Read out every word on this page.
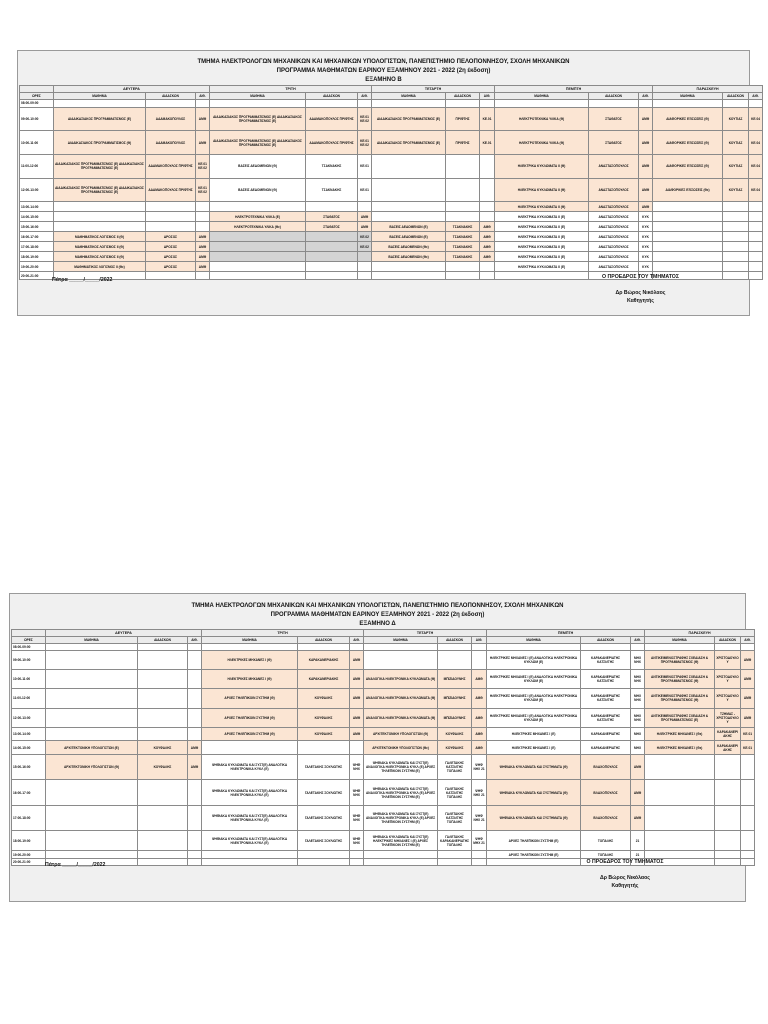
ΤΜΗΜΑ ΗΛΕΚΤΡΟΛΟΓΩΝ ΜΗΧΑΝΙΚΩΝ ΚΑΙ ΜΗΧΑΝΙΚΩΝ ΥΠΟΛΟΓΙΣΤΩΝ, ΠΑΝΕΠΙΣΤΗΜΙΟ ΠΕΛΟΠΟΝΝΗΣΟΥ, ΣΧΟΛΗ ΜΗΧΑΝΙΚΩΝ
ΠΡΟΓΡΑΜΜΑ ΜΑΘΗΜΑΤΩΝ ΕΑΡΙΝΟΥ ΕΞΑΜΗΝΟΥ 2021 - 2022 (2η έκδοση)
ΕΞΑΜΗΝΟ Β
	ΔΕΥΤΕΡΑ			ΤΡΙΤΗ			ΤΕΤΑΡΤΗ			ΠΕΜΠΤΗ			ΠΑΡΑΣΚΕΥΗ		
ΩΡΕΣ	ΜΑΘΗΜΑ	ΔΙΔΑΣΚΩΝ	ΑΙΘ.	ΜΑΘΗΜΑ	ΔΙΔΑΣΚΩΝ	ΑΙΘ.	ΜΑΘΗΜΑ	ΔΙΔΑΣΚΩΝ	ΑΙΘ.	ΜΑΘΗΜΑ	ΔΙΔΑΣΚΩΝ	ΑΙΘ.	ΜΑΘΗΜΑ	ΔΙΔΑΣΚΩΝ	ΑΙΘ.
08:00-09:00															
09:00-10:00	ΔΙΑΔΙΚΑΣΙΑΚΟΣ ΠΡΟΓΡΑΜΜΑΤΙΣΜΟΣ (Ε)	ΑΔΑΜΑΚΟΠΟΥΛΟΣ	ΑΜΘ	ΔΙΑΔΙΚΑΣΙΑΚΟΣ ΠΡΟΓΡΑΜΜΑΤΙΣΜΟΣ (Ε) ΔΙΑΔΙΚΑΣΙΑΚΟΣ ΠΡΟΓΡΑΜΜΑΤΙΣΜΟΣ (Ε)	ΑΔΑΜΑΚΟΠΟΥΛΟΣ ΠΡΙΦΤΗΣ	ΚΕ.01 ΚΕ.02	ΔΙΑΔΙΚΑΣΙΑΚΟΣ ΠΡΟΓΡΑΜΜΑΤΙΣΜΟΣ (Ε)	ΠΡΙΦΤΗΣ	ΚΕ.01	ΗΛΕΚΤΡΟΤΕΧΝΙΚΑ ΥΛΙΚΑ (Θ)	ΣΤΑΘΑΤΟΣ	ΑΜΘ	ΔΙΑΦΟΡΙΚΕΣ ΕΞΙΣΩΣΕΙΣ (Θ)	ΚΟΥΤΙΑΣ	ΚΕ.04
10:00-11:00	ΔΙΑΔΙΚΑΣΙΑΚΟΣ ΠΡΟΓΡΑΜΜΑΤΙΣΜΟΣ (Θ)	ΑΔΑΜΑΚΟΠΟΥΛΟΣ	ΑΜΘ	ΔΙΑΔΙΚΑΣΙΑΚΟΣ ΠΡΟΓΡΑΜΜΑΤΙΣΜΟΣ (Ε) ΔΙΑΔΙΚΑΣΙΑΚΟΣ ΠΡΟΓΡΑΜΜΑΤΙΣΜΟΣ (Ε)	ΑΔΑΜΑΚΟΠΟΥΛΟΣ ΠΡΙΦΤΗΣ	ΚΕ.01 ΚΕ.02	ΔΙΑΔΙΚΑΣΙΑΚΟΣ ΠΡΟΓΡΑΜΜΑΤΙΣΜΟΣ (Ε)	ΠΡΙΦΤΗΣ	ΚΕ.01	ΗΛΕΚΤΡΟΤΕΧΝΙΚΑ ΥΛΙΚΑ (Θ)	ΣΤΑΘΑΤΟΣ	ΑΜΘ	ΔΙΑΦΟΡΙΚΕΣ ΕΞΙΣΩΣΕΙΣ (Θ)	ΚΟΥΤΙΑΣ	ΚΕ.04
11:00-12:00	ΔΙΑΔΙΚΑΣΙΑΚΟΣ ΠΡΟΓΡΑΜΜΑΤΙΣΜΟΣ (Ε) ΔΙΑΔΙΚΑΣΙΑΚΟΣ ΠΡΟΓΡΑΜΜΑΤΙΣΜΟΣ (Ε)	ΑΔΑΜΑΚΟΠΟΥΛΟΣ ΠΡΙΦΤΗΣ	ΚΕ.01 ΚΕ.02	ΒΑΣΕΙΣ ΔΕΔΟΜΕΝΩΝ (Θ)	ΤΣΑΚΝΑΚΗΣ	ΚΕ.01				ΗΛΕΚΤΡΙΚΑ ΚΥΚΛΩΜΑΤΑ ΙΙ (Θ)	ΑΝΑΣΤΑΣΟΠΟΥΛΟΣ	ΑΜΘ	ΔΙΑΦΟΡΙΚΕΣ ΕΞΙΣΩΣΕΙΣ (Θ)	ΚΟΥΤΙΑΣ	ΚΕ.04
12:00-13:00	ΔΙΑΔΙΚΑΣΙΑΚΟΣ ΠΡΟΓΡΑΜΜΑΤΙΣΜΟΣ (Ε) ΔΙΑΔΙΚΑΣΙΑΚΟΣ ΠΡΟΓΡΑΜΜΑΤΙΣΜΟΣ (Ε)	ΑΔΑΜΑΚΟΠΟΥΛΟΣ ΠΡΙΦΤΗΣ	ΚΕ.01 ΚΕ.02	ΒΑΣΕΙΣ ΔΕΔΟΜΕΝΩΝ (Θ)	ΤΣΑΚΝΑΚΗΣ	ΚΕ.01				ΗΛΕΚΤΡΙΚΑ ΚΥΚΛΩΜΑΤΑ ΙΙ (Θ)	ΑΝΑΣΤΑΣΟΠΟΥΛΟΣ	ΑΜΘ	ΔΙΑΦΟΡΙΚΕΣ ΕΞΙΣΩΣΕΙΣ (Θε)	ΚΟΥΤΙΑΣ	ΚΕ.04
13:00-14:00										ΗΛΕΚΤΡΙΚΑ ΚΥΚΛΩΜΑΤΑ ΙΙ (Θ)	ΑΝΑΣΤΑΣΟΠΟΥΛΟΣ	ΑΜΘ			
14:00-15:00				ΗΛΕΚΤΡΟΤΕΧΝΙΚΑ ΥΛΙΚΑ (Ε)	ΣΤΑΘΑΤΟΣ	ΑΜΘ				ΗΛΕΚΤΡΙΚΑ ΚΥΚΛΩΜΑΤΑ ΙΙ (Ε)	ΑΝΑΣΤΑΣΟΠΟΥΛΟΣ	ΚΥΚ			
15:00-16:00				ΗΛΕΚΤΡΟΤΕΧΝΙΚΑ ΥΛΙΚΑ (Θε)	ΣΤΑΘΑΤΟΣ	ΑΜΘ	ΒΑΣΕΙΣ ΔΕΔΟΜΕΝΩΝ (Ε)	ΤΣΑΚΝΑΚΗΣ	ΑΜΘ	ΗΛΕΚΤΡΙΚΑ ΚΥΚΛΩΜΑΤΑ ΙΙ (Ε)	ΑΝΑΣΤΑΣΟΠΟΥΛΟΣ	ΚΥΚ			
16:00-17:00	ΜΑΘΗΜΑΤΙΚΟΣ ΛΟΓΙΣΜΟΣ ΙΙ (Θ)	ΔΡΟΣΟΣ	ΑΜΘ			ΚΕ.02	ΒΑΣΕΙΣ ΔΕΔΟΜΕΝΩΝ (Ε)	ΤΣΑΚΝΑΚΗΣ	ΑΜΘ	ΗΛΕΚΤΡΙΚΑ ΚΥΚΛΩΜΑΤΑ ΙΙ (Ε)	ΑΝΑΣΤΑΣΟΠΟΥΛΟΣ	ΚΥΚ			
17:00-18:00	ΜΑΘΗΜΑΤΙΚΟΣ ΛΟΓΙΣΜΟΣ ΙΙ (Θ)	ΔΡΟΣΟΣ	ΑΜΘ			ΚΕ.02	ΒΑΣΕΙΣ ΔΕΔΟΜΕΝΩΝ (Θε)	ΤΣΑΚΝΑΚΗΣ	ΑΜΘ	ΗΛΕΚΤΡΙΚΑ ΚΥΚΛΩΜΑΤΑ ΙΙ (Ε)	ΑΝΑΣΤΑΣΟΠΟΥΛΟΣ	ΚΥΚ			
18:00-19:00	ΜΑΘΗΜΑΤΙΚΟΣ ΛΟΓΙΣΜΟΣ ΙΙ (Θ)	ΔΡΟΣΟΣ	ΑΜΘ				ΒΑΣΕΙΣ ΔΕΔΟΜΕΝΩΝ (Θε)	ΤΣΑΚΝΑΚΗΣ	ΑΜΘ	ΗΛΕΚΤΡΙΚΑ ΚΥΚΛΩΜΑΤΑ ΙΙ (Ε)	ΑΝΑΣΤΑΣΟΠΟΥΛΟΣ	ΚΥΚ			
19:00-20:00	ΜΑΘΗΜΑΤΙΚΟΣ ΛΟΓΙΣΜΟΣ ΙΙ (Θε)	ΔΡΟΣΟΣ	ΑΜΘ							ΗΛΕΚΤΡΙΚΑ ΚΥΚΛΩΜΑΤΑ ΙΙ (Ε)	ΑΝΑΣΤΑΣΟΠΟΥΛΟΣ	ΚΥΚ			
20:00-21:00															
Πάτρα _____/_____/2022	Ο ΠΡΟΕΔΡΟΣ ΤΟΥ ΤΜΗΜΑΤΟΣ
Δρ Βώρος Νικόλαος
Καθηγητής
ΤΜΗΜΑ ΗΛΕΚΤΡΟΛΟΓΩΝ ΜΗΧΑΝΙΚΩΝ ΚΑΙ ΜΗΧΑΝΙΚΩΝ ΥΠΟΛΟΓΙΣΤΩΝ, ΠΑΝΕΠΙΣΤΗΜΙΟ ΠΕΛΟΠΟΝΝΗΣΟΥ, ΣΧΟΛΗ ΜΗΧΑΝΙΚΩΝ
ΠΡΟΓΡΑΜΜΑ ΜΑΘΗΜΑΤΩΝ ΕΑΡΙΝΟΥ ΕΞΑΜΗΝΟΥ 2021 - 2022 (2η έκδοση)
ΕΞΑΜΗΝΟ Δ
	ΔΕΥΤΕΡΑ			ΤΡΙΤΗ			ΤΕΤΑΡΤΗ			ΠΕΜΠΤΗ			ΠΑΡΑΣΚΕΥΗ		
ΩΡΕΣ	ΜΑΘΗΜΑ	ΔΙΔΑΣΚΩΝ	ΑΙΘ.	ΜΑΘΗΜΑ	ΔΙΔΑΣΚΩΝ	ΑΙΘ.	ΜΑΘΗΜΑ	ΔΙΔΑΣΚΩΝ	ΑΙΘ.	ΜΑΘΗΜΑ	ΔΙΔΑΣΚΩΝ	ΑΙΘ.	ΜΑΘΗΜΑ	ΔΙΔΑΣΚΩΝ	ΑΙΘ.
08:00-09:00															
09:00-10:00				ΗΛΕΚΤΡΙΚΕΣ ΜΗΧΑΝΕΣ Ι (Θ)	ΚΑΡΑΚΑΝΕΡΙΑΚΗΣ	ΑΜΘ				ΗΛΕΚΤΡΙΚΕΣ ΜΗΧΑΝΕΣ Ι (Ε) ΑΝΑΛΟΓΙΚΑ ΗΛΕΚΤΡΟΝΙΚΑ ΚΥΚΛΩΜ (Ε)	ΚΑΡΑΚΑΝΕΡΙΑΤΗΣ ΚΑΤΣΙΛΤΗΣ	ΜΗΧ ΝΗΧ	ΑΝΤΙΚΕΙΜΕΝΟΣΤΡΑΦΗΣ ΣΧΕΔΙΑΣΗ & ΠΡΟΓΡΑΜΜΑΤΙΣΜΟΣ (Θ)	ΧΡΙΣΤΟΔΟΥΛΟΥ	ΑΜΘ
10:00-11:00				ΗΛΕΚΤΡΙΚΕΣ ΜΗΧΑΝΕΣ Ι (Θ)	ΚΑΡΑΚΑΝΕΡΙΑΚΗΣ	ΑΜΘ	ΑΝΑΛΟΓΙΚΑ ΗΛΕΚΤΡΟΝΙΚΑ ΚΥΚΛΩΜΑΤΑ (Θ)	ΜΠΙΖΙΔΟΥΝΗΣ	ΑΜΘ	ΗΛΕΚΤΡΙΚΕΣ ΜΗΧΑΝΕΣ Ι (Ε) ΑΝΑΛΟΓΙΚΑ ΗΛΕΚΤΡΟΝΙΚΑ ΚΥΚΛΩΜ (Ε)	ΚΑΡΑΚΑΝΕΡΙΑΤΗΣ ΚΑΤΣΙΛΤΗΣ	ΜΗΧ ΝΗΧ	ΑΝΤΙΚΕΙΜΕΝΟΣΤΡΑΦΗΣ ΣΧΕΔΙΑΣΗ & ΠΡΟΓΡΑΜΜΑΤΙΣΜΟΣ (Θ)	ΧΡΙΣΤΟΔΟΥΛΟΥ	ΑΜΘ
11:00-12:00				ΑΡΧΕΣ ΤΗΛΕΠΙΚΟΙΝ ΣΥΣΤΗΜ (Θ)	ΚΟΥΦΑΛΗΣ	ΑΜΘ	ΑΝΑΛΟΓΙΚΑ ΗΛΕΚΤΡΟΝΙΚΑ ΚΥΚΛΩΜΑΤΑ (Θ)	ΜΠΙΖΙΔΟΥΝΗΣ	ΑΜΘ	ΗΛΕΚΤΡΙΚΕΣ ΜΗΧΑΝΕΣ Ι (Ε) ΑΝΑΛΟΓΙΚΑ ΗΛΕΚΤΡΟΝΙΚΑ ΚΥΚΛΩΜ (Ε)	ΚΑΡΑΚΑΝΕΡΙΑΤΗΣ ΚΑΤΣΙΛΤΗΣ	ΜΗΧ ΝΗΧ	ΑΝΤΙΚΕΙΜΕΝΟΣΤΡΑΦΗΣ ΣΧΕΔΙΑΣΗ & ΠΡΟΓΡΑΜΜΑΤΙΣΜΟΣ (Θ)	ΧΡΙΣΤΟΔΟΥΛΟΥ	ΑΜΘ
12:00-13:00				ΑΡΧΕΣ ΤΗΛΕΠΙΚΟΙΝ ΣΥΣΤΗΜ (Θ)	ΚΟΥΦΑΛΗΣ	ΑΜΘ	ΑΝΑΛΟΓΙΚΑ ΗΛΕΚΤΡΟΝΙΚΑ ΚΥΚΛΩΜΑΤΑ (Θ)	ΜΠΙΖΙΔΟΥΝΗΣ	ΑΜΘ	ΗΛΕΚΤΡΙΚΕΣ ΜΗΧΑΝΕΣ Ι (Ε) ΑΝΑΛΟΓΙΚΑ ΗΛΕΚΤΡΟΝΙΚΑ ΚΥΚΛΩΜ (Ε)	ΚΑΡΑΚΑΝΕΡΙΑΤΗΣ ΚΑΤΣΙΛΤΗΣ	ΜΗΧ ΝΗΧ	ΑΝΤΙΚΕΙΜΕΝΟΣΤΡΑΦΗΣ ΣΧΕΔΙΑΣΗ & ΠΡΟΓΡΑΜΜΑΤΙΣΜΟΣ (Ε)	ΤΖΗΜΑΣ - ΧΡΙΣΤΟΔΟΥΛΟΥ	ΑΜΘ
13:00-14:00				ΑΡΧΕΣ ΤΗΛΕΠΙΚΟΙΝ ΣΥΣΤΗΜ (Θ)	ΚΟΥΦΑΛΗΣ	ΑΜΘ	ΑΡΧΙΤΕΚΤΟΝΙΚΗ ΥΠΟΛΟΓΙΣΤΩΝ (Θ)	ΚΟΥΦΑΛΗΣ	ΑΜΘ	ΗΛΕΚΤΡΙΚΕΣ ΜΗΧΑΝΕΣ Ι (Ε)	ΚΑΡΑΚΑΝΕΡΙΑΤΗΣ	ΜΗΧ	ΗΛΕΚΤΡΙΚΕΣ ΜΗΧΑΝΕΣ Ι (Θε)	ΚΑΡΑΚΑΝΕΡΙΑΚΗΣ	ΚΕ.01
14:00-15:00	ΑΡΧΙΤΕΚΤΟΝΙΚΗ ΥΠΟΛΟΓΙΣΤΩΝ (Ε)	ΚΟΥΦΑΛΗΣ	ΑΜΘ				ΑΡΧΙΤΕΚΤΟΝΙΚΗ ΥΠΟΛΟΓΙΣΤΩΝ (Θε)	ΚΟΥΦΑΛΗΣ	ΑΜΘ	ΗΛΕΚΤΡΙΚΕΣ ΜΗΧΑΝΕΣ Ι (Ε)	ΚΑΡΑΚΑΝΕΡΙΑΤΗΣ	ΜΗΧ	ΗΛΕΚΤΡΙΚΕΣ ΜΗΧΑΝΕΣ Ι (Θε)	ΚΑΡΑΚΑΝΕΡΙΑΚΗΣ	ΚΕ.01
15:00-16:00	ΑΡΧΙΤΕΚΤΟΝΙΚΗ ΥΠΟΛΟΓΙΣΤΩΝ (Θ)	ΚΟΥΦΑΛΗΣ	ΑΜΘ	ΨΗΦΙΑΚΑ ΚΥΚΛΩΜΑΤΑ ΚΑΙ ΣΥΣΤ(Ε) ΑΝΑΛΟΓΙΚΑ ΗΛΕΚΤΡΟΝΙΚΑ ΚΥΚΛ (Ε)	ΓΑΛΕΤΑΚΗΣ ΣΟΥΛΙΩΤΗΣ	ΨΗΦ ΝΗΧ	ΨΗΦΙΑΚΑ ΚΥΚΛΩΜΑΤΑ ΚΑΙ ΣΥΣΤ(Ε) ΑΝΑΛΟΓΙΚΑ ΗΛΕΚΤΡΟΝΙΚΑ ΚΥΚΛ (Ε) ΑΡΧΕΣ ΤΗΛΕΠΙΚΟΙΝ ΣΥΣΤΗΜ (Ε)	ΓΑΛΕΤΑΚΗΣ ΚΑΤΣΙΛΤΗΣ ΤΟΠΑΛΗΣ	ΨΗΦ ΝΗΧ 21	ΨΗΦΙΑΚΑ ΚΥΚΛΩΜΑΤΑ ΚΑΙ ΣΥΣΤΗΜΑΤΑ (Θ)	ΒΛΑΧΟΠΟΥΛΟΣ	ΑΜΘ			
16:00-17:00				ΨΗΦΙΑΚΑ ΚΥΚΛΩΜΑΤΑ ΚΑΙ ΣΥΣΤ(Ε) ΑΝΑΛΟΓΙΚΑ ΗΛΕΚΤΡΟΝΙΚΑ ΚΥΚΛ (Ε)	ΓΑΛΕΤΑΚΗΣ ΣΟΥΛΙΩΤΗΣ	ΨΗΦ ΝΗΧ	ΨΗΦΙΑΚΑ ΚΥΚΛΩΜΑΤΑ ΚΑΙ ΣΥΣΤ(Ε) ΑΝΑΛΟΓΙΚΑ ΗΛΕΚΤΡΟΝΙΚΑ ΚΥΚΛ (Ε) ΑΡΧΕΣ ΤΗΛΕΠΙΚΟΙΝ ΣΥΣΤΗΜ (Ε)	ΓΑΛΕΤΑΚΗΣ ΚΑΤΣΙΛΤΗΣ ΤΟΠΑΛΗΣ	ΨΗΦ ΝΗΧ 21	ΨΗΦΙΑΚΑ ΚΥΚΛΩΜΑΤΑ ΚΑΙ ΣΥΣΤΗΜΑΤΑ (Θ)	ΒΛΑΧΟΠΟΥΛΟΣ	ΑΜΘ			
17:00-18:00				ΨΗΦΙΑΚΑ ΚΥΚΛΩΜΑΤΑ ΚΑΙ ΣΥΣΤ(Ε) ΑΝΑΛΟΓΙΚΑ ΗΛΕΚΤΡΟΝΙΚΑ ΚΥΚΛ (Ε)	ΓΑΛΕΤΑΚΗΣ ΣΟΥΛΙΩΤΗΣ	ΨΗΦ ΝΗΧ	ΨΗΦΙΑΚΑ ΚΥΚΛΩΜΑΤΑ ΚΑΙ ΣΥΣΤ(Ε) ΑΝΑΛΟΓΙΚΑ ΗΛΕΚΤΡΟΝΙΚΑ ΚΥΚΛ (Ε) ΑΡΧΕΣ ΤΗΛΕΠΙΚΟΙΝ ΣΥΣΤΗΜ (Ε)	ΓΑΛΕΤΑΚΗΣ ΚΑΤΣΙΛΤΗΣ ΤΟΠΑΛΗΣ	ΨΗΦ ΝΗΧ 21	ΨΗΦΙΑΚΑ ΚΥΚΛΩΜΑΤΑ ΚΑΙ ΣΥΣΤΗΜΑΤΑ (Θ)	ΒΛΑΧΟΠΟΥΛΟΣ	ΑΜΘ			
18:00-19:00				ΨΗΦΙΑΚΑ ΚΥΚΛΩΜΑΤΑ ΚΑΙ ΣΥΣΤ(Ε) ΑΝΑΛΟΓΙΚΑ ΗΛΕΚΤΡΟΝΙΚΑ ΚΥΚΛ (Ε)	ΓΑΛΕΤΑΚΗΣ ΣΟΥΛΙΩΤΗΣ	ΨΗΦ ΝΗΧ	ΨΗΦΙΑΚΑ ΚΥΚΛΩΜΑΤΑ ΚΑΙ ΣΥΣΤ(Ε) ΗΛΕΚΤΡΙΚΕΣ ΜΗΧΑΝΕΣ Ι (Ε) ΑΡΧΕΣ ΤΗΛΕΠΙΚΟΙΝ ΣΥΣΤΗΜ (Ε)	ΓΑΛΕΤΑΚΗΣ ΚΑΡΑΚΑΝΕΡΙΑΤΗΣ ΤΟΠΑΛΗΣ	ΨΗΦ ΜΗΧ 21	ΑΡΧΕΣ ΤΗΛΕΠΙΚΟΙΝ ΣΥΣΤΗΜ (Ε)	ΤΟΠΑΛΗΣ	21			
19:00-20:00										ΑΡΧΕΣ ΤΗΛΕΠΙΚΟΙΝ ΣΥΣΤΗΜ (Ε)	ΤΟΠΑΛΗΣ	21			
20:00-21:00															
Πάτρα _____/_____/2022	Ο ΠΡΟΕΔΡΟΣ ΤΟΥ ΤΜΗΜΑΤΟΣ
Δρ Βώρος Νικόλαος
Καθηγητής
